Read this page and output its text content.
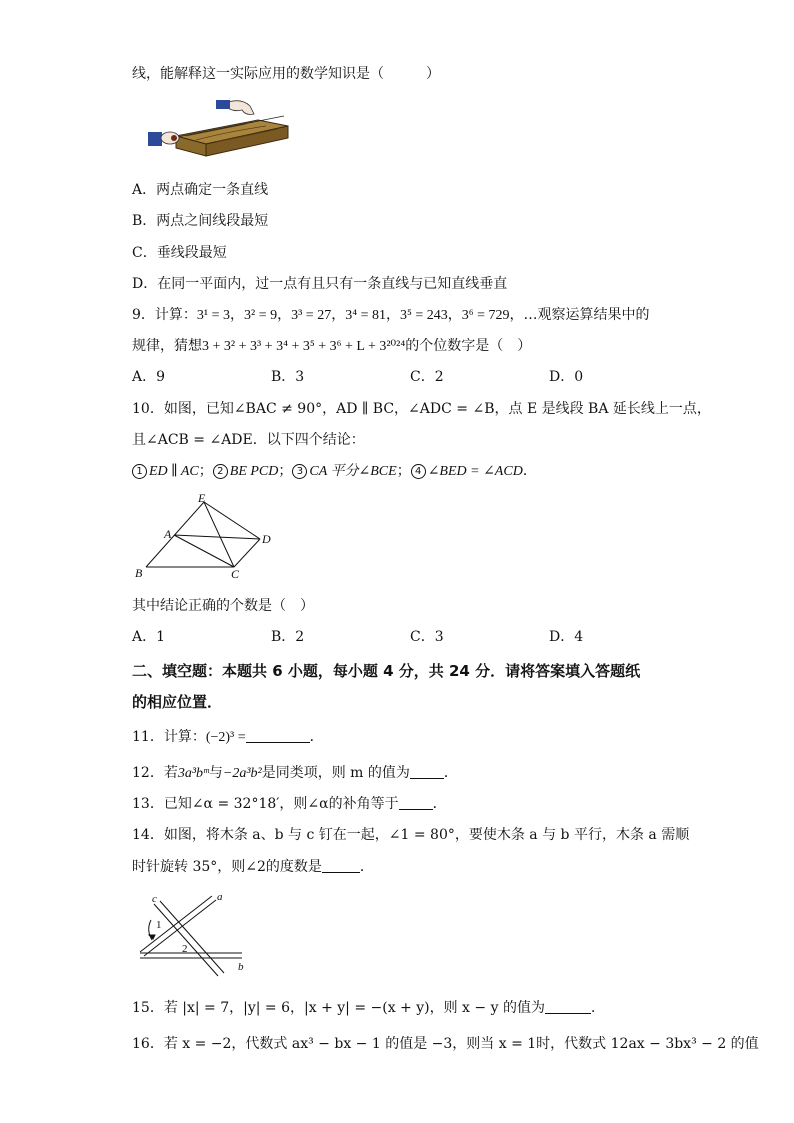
线，能解释这一实际应用的数学知识是（　　　）
A．两点确定一条直线
B．两点之间线段最短
C．垂线段最短
D．在同一平面内，过一点有且只有一条直线与已知直线垂直
9．计算：3¹ = 3，3² = 9，3³ = 27，3⁴ = 81，3⁵ = 243，3⁶ = 729，…观察运算结果中的
规律，猜想3 + 3² + 3³ + 3⁴ + 3⁵ + 3⁶ + L + 3²⁰²⁴的个位数字是（　）
A．9	B．3	C．2	D．0
10．如图，已知∠BAC ≠ 90°，AD ∥ BC，∠ADC = ∠B，点 E 是线段 BA 延长线上一点，
且∠ACB = ∠ADE．以下四个结论：
1 ED ∥ AC； 2 BE PCD； 3 CA 平分∠BCE； 4 ∠BED = ∠ACD．
E
A	D
B	C
其中结论正确的个数是（　）
A．1	B．2	C．3	D．4
二、填空题：本题共 6 小题，每小题 4 分，共 24 分．请将答案填入答题纸
的相应位置．
11．计算：(−2)³ =	．
12．若3a³bᵐ与−2a³b²是同类项，则 m 的值为 ．
13．已知∠α = 32°18′，则∠α的补角等于 ．
14．如图，将木条 a、b 与 c 钉在一起，∠1 = 80°，要使木条 a 与 b 平行，木条 a 需顺
时针旋转 35°，则∠2的度数是	．
a
b
c
1
2
15．若 |x| = 7，|y| = 6，|x + y| = −(x + y)，则 x − y 的值为	．
16．若 x = −2，代数式 ax³ − bx − 1 的值是 −3，则当 x = 1时，代数式 12ax − 3bx³ − 2 的值
